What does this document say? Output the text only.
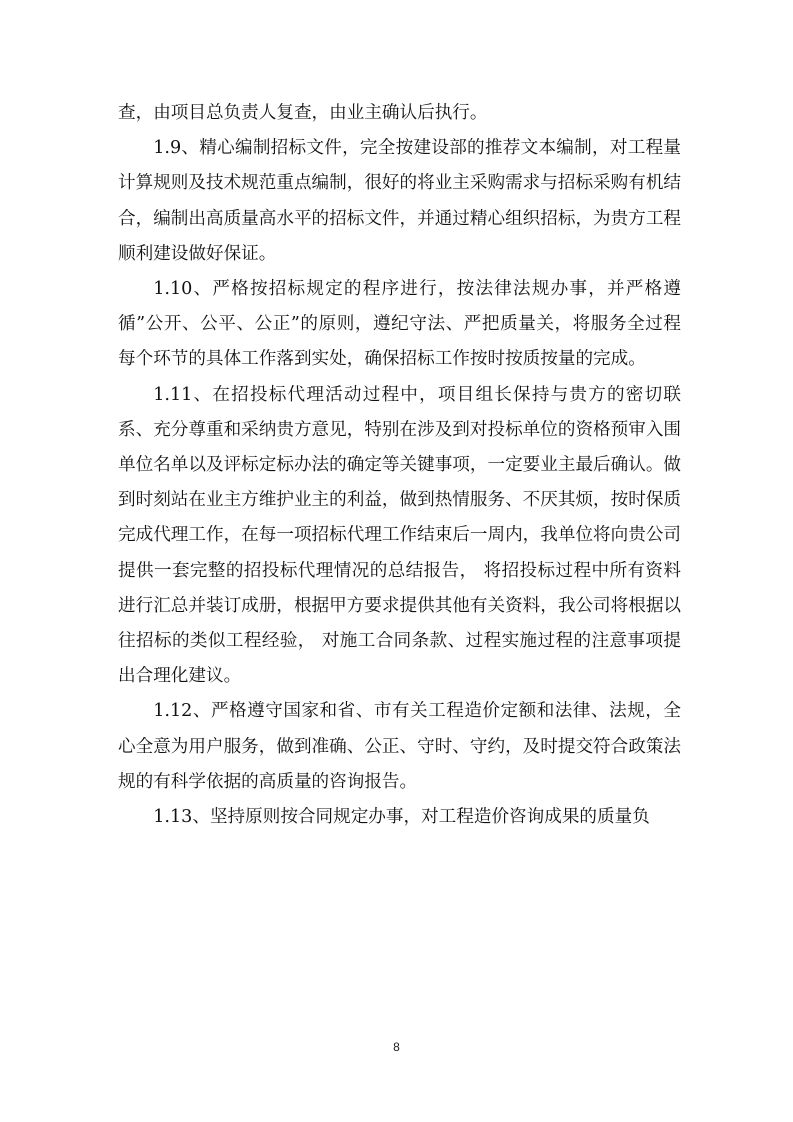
查，由项目总负责人复查，由业主确认后执行。

1.9、精心编制招标文件，完全按建设部的推荐文本编制，对工程量计算规则及技术规范重点编制，很好的将业主采购需求与招标采购有机结合，编制出高质量高水平的招标文件，并通过精心组织招标，为贵方工程顺利建设做好保证。

1.10、严格按招标规定的程序进行，按法律法规办事，并严格遵循”公开、公平、公正”的原则，遵纪守法、严把质量关，将服务全过程每个环节的具体工作落到实处，确保招标工作按时按质按量的完成。

1.11、在招投标代理活动过程中，项目组长保持与贵方的密切联系、充分尊重和采纳贵方意见，特别在涉及到对投标单位的资格预审入围单位名单以及评标定标办法的确定等关键事项，一定要业主最后确认。做到时刻站在业主方维护业主的利益，做到热情服务、不厌其烦，按时保质完成代理工作，在每一项招标代理工作结束后一周内，我单位将向贵公司提供一套完整的招投标代理情况的总结报告， 将招投标过程中所有资料进行汇总并装订成册，根据甲方要求提供其他有关资料，我公司将根据以往招标的类似工程经验， 对施工合同条款、过程实施过程的注意事项提出合理化建议。

1.12、严格遵守国家和省、市有关工程造价定额和法律、法规，全心全意为用户服务，做到准确、公正、守时、守约，及时提交符合政策法规的有科学依据的高质量的咨询报告。

1.13、坚持原则按合同规定办事，对工程造价咨询成果的质量负

8
